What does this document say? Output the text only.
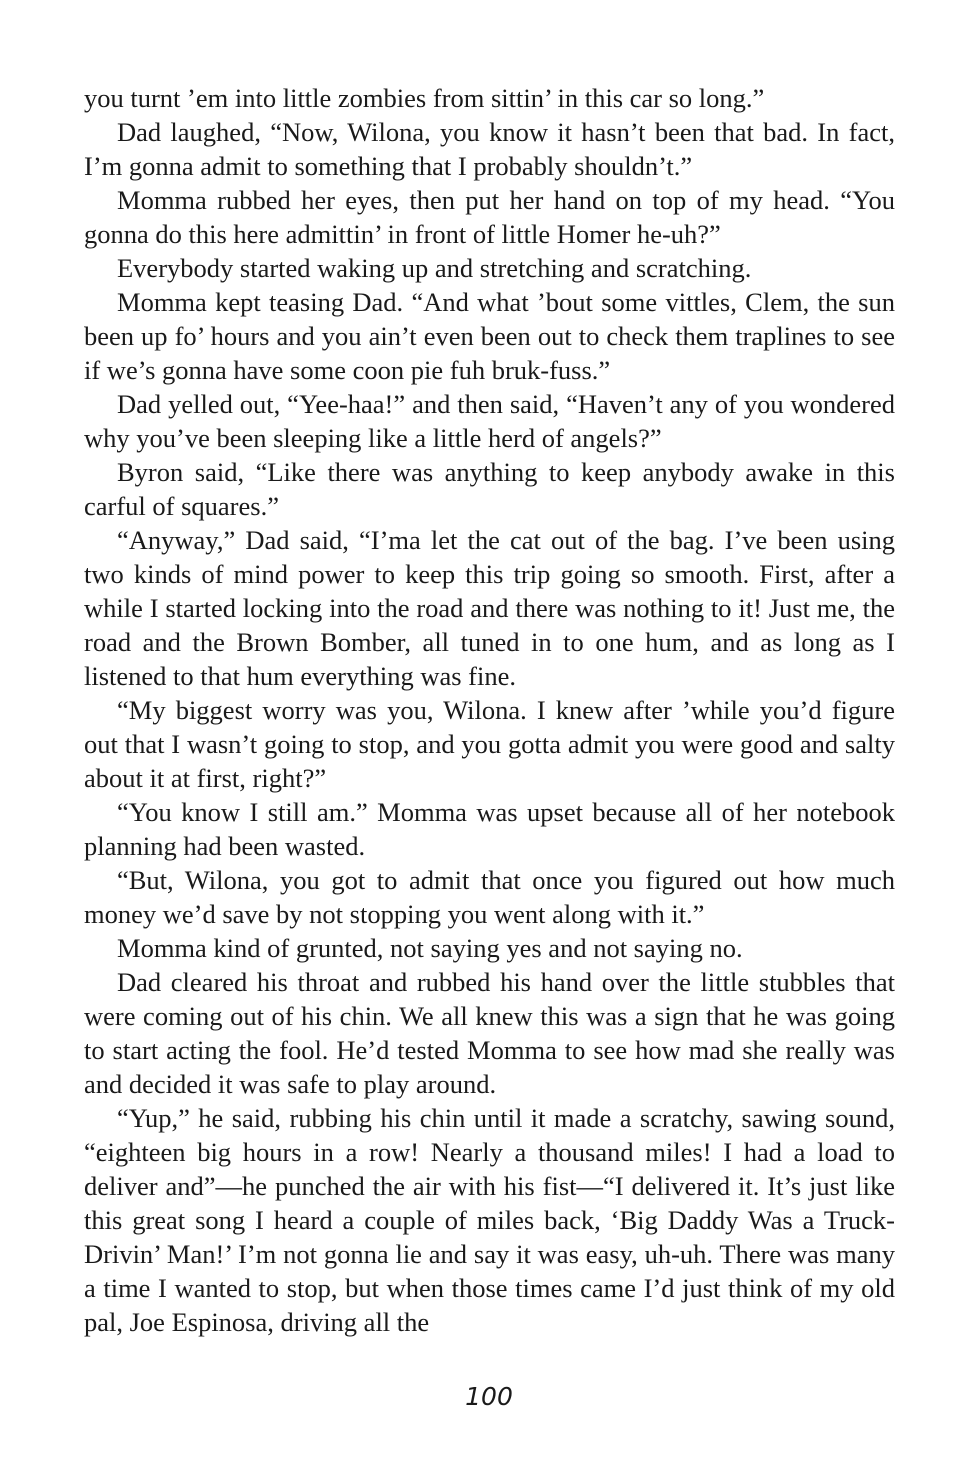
you turnt ’em into little zombies from sittin’ in this car so long.”

Dad laughed, “Now, Wilona, you know it hasn’t been that bad. In fact, I’m gonna admit to something that I probably shouldn’t.”

Momma rubbed her eyes, then put her hand on top of my head. “You gonna do this here admittin’ in front of little Homer he-uh?”

Everybody started waking up and stretching and scratching.

Momma kept teasing Dad. “And what ’bout some vittles, Clem, the sun been up fo’ hours and you ain’t even been out to check them traplines to see if we’s gonna have some coon pie fuh bruk-fuss.”

Dad yelled out, “Yee-haa!” and then said, “Haven’t any of you wondered why you’ve been sleeping like a little herd of angels?”

Byron said, “Like there was anything to keep anybody awake in this carful of squares.”

“Anyway,” Dad said, “I’ma let the cat out of the bag. I’ve been using two kinds of mind power to keep this trip going so smooth. First, after a while I started locking into the road and there was nothing to it! Just me, the road and the Brown Bomber, all tuned in to one hum, and as long as I listened to that hum everything was fine.

“My biggest worry was you, Wilona. I knew after ’while you’d figure out that I wasn’t going to stop, and you gotta admit you were good and salty about it at first, right?”

“You know I still am.” Momma was upset because all of her notebook planning had been wasted.

“But, Wilona, you got to admit that once you figured out how much money we’d save by not stopping you went along with it.”

Momma kind of grunted, not saying yes and not saying no.

Dad cleared his throat and rubbed his hand over the little stubbles that were coming out of his chin. We all knew this was a sign that he was going to start acting the fool. He’d tested Momma to see how mad she really was and decided it was safe to play around.

“Yup,” he said, rubbing his chin until it made a scratchy, sawing sound, “eighteen big hours in a row! Nearly a thousand miles! I had a load to deliver and”—he punched the air with his fist—“I delivered it. It’s just like this great song I heard a couple of miles back, ‘Big Daddy Was a Truck-Drivin’ Man!’ I’m not gonna lie and say it was easy, uh-uh. There was many a time I wanted to stop, but when those times came I’d just think of my old pal, Joe Espinosa, driving all the

100
